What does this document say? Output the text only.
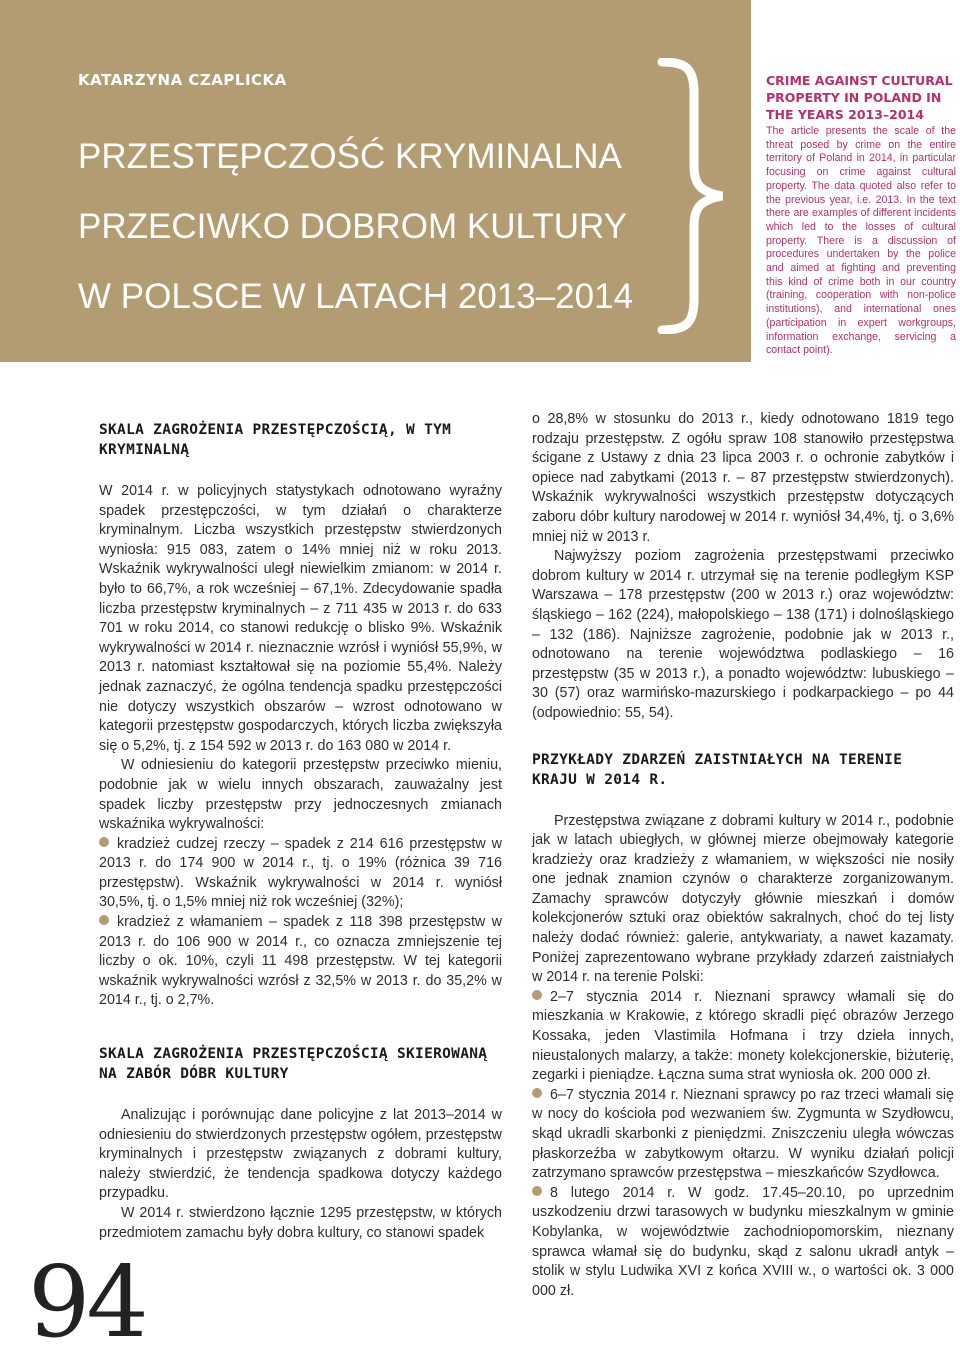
KATARZYNA CZAPLICKA
PRZESTĘPCZOŚĆ KRYMINALNA
PRZECIWKO DOBROM KULTURY
W POLSCE W LATACH 2013–2014
CRIME AGAINST CULTURAL PROPERTY IN POLAND IN THE YEARS 2013–2014

The article presents the scale of the threat posed by crime on the entire territory of Poland in 2014, in particular focusing on crime against cultural property. The data quoted also refer to the previous year, i.e. 2013. In the text there are examples of different incidents which led to the losses of cultural property. There is a discussion of procedures undertaken by the police and aimed at fighting and preventing this kind of crime both in our country (training, cooperation with non-police institutions), and international ones (participation in expert workgroups, information exchange, servicing a contact point).

SKALA ZAGROŻENIA PRZESTĘPCZOŚCIĄ, W TYM KRYMINALNĄ

W 2014 r. w policyjnych statystykach odnotowano wyraźny spadek przestępczości, w tym działań o charakterze kryminalnym. Liczba wszystkich przestępstw stwierdzonych wyniosła: 915 083, zatem o 14% mniej niż w roku 2013. Wskaźnik wykrywalności uległ niewielkim zmianom: w 2014 r. było to 66,7%, a rok wcześniej – 67,1%. Zdecydowanie spadła liczba przestępstw kryminalnych – z 711 435 w 2013 r. do 633 701 w roku 2014, co stanowi redukcję o blisko 9%. Wskaźnik wykrywalności w 2014 r. nieznacznie wzrósł i wyniósł 55,9%, w 2013 r. natomiast kształtował się na poziomie 55,4%. Należy jednak zaznaczyć, że ogólna tendencja spadku przestępczości nie dotyczy wszystkich obszarów – wzrost odnotowano w kategorii przestępstw gospodarczych, których liczba zwiększyła się o 5,2%, tj. z 154 592 w 2013 r. do 163 080 w 2014 r.

W odniesieniu do kategorii przestępstw przeciwko mieniu, podobnie jak w wielu innych obszarach, zauważalny jest spadek liczby przestępstw przy jednoczesnych zmianach wskaźnika wykrywalności:

kradzież cudzej rzeczy – spadek z 214 616 przestępstw w 2013 r. do 174 900 w 2014 r., tj. o 19% (różnica 39 716 przestępstw). Wskaźnik wykrywalności w 2014 r. wyniósł 30,5%, tj. o 1,5% mniej niż rok wcześniej (32%);

kradzież z włamaniem – spadek z 118 398 przestępstw w 2013 r. do 106 900 w 2014 r., co oznacza zmniejszenie tej liczby o ok. 10%, czyli 11 498 przestępstw. W tej kategorii wskaźnik wykrywalności wzrósł z 32,5% w 2013 r. do 35,2% w 2014 r., tj. o 2,7%.

SKALA ZAGROŻENIA PRZESTĘPCZOŚCIĄ SKIEROWANĄ NA ZABÓR DÓBR KULTURY

Analizując i porównując dane policyjne z lat 2013–2014 w odniesieniu do stwierdzonych przestępstw ogółem, przestępstw kryminalnych i przestępstw związanych z dobrami kultury, należy stwierdzić, że tendencja spadkowa dotyczy każdego przypadku.

W 2014 r. stwierdzono łącznie 1295 przestępstw, w których przedmiotem zamachu były dobra kultury, co stanowi spadek

o 28,8% w stosunku do 2013 r., kiedy odnotowano 1819 tego rodzaju przestępstw. Z ogółu spraw 108 stanowiło przestępstwa ścigane z Ustawy z dnia 23 lipca 2003 r. o ochronie zabytków i opiece nad zabytkami (2013 r. – 87 przestępstw stwierdzonych). Wskaźnik wykrywalności wszystkich przestępstw dotyczących zaboru dóbr kultury narodowej w 2014 r. wyniósł 34,4%, tj. o 3,6% mniej niż w 2013 r.

Najwyższy poziom zagrożenia przestępstwami przeciwko dobrom kultury w 2014 r. utrzymał się na terenie podległym KSP Warszawa – 178 przestępstw (200 w 2013 r.) oraz województw: śląskiego – 162 (224), małopolskiego – 138 (171) i dolnośląskiego – 132 (186). Najniższe zagrożenie, podobnie jak w 2013 r., odnotowano na terenie województwa podlaskiego – 16 przestępstw (35 w 2013 r.), a ponadto województw: lubuskiego – 30 (57) oraz warmińsko-mazurskiego i podkarpackiego – po 44 (odpowiednio: 55, 54).

PRZYKŁADY ZDARZEŃ ZAISTNIAŁYCH NA TERENIE KRAJU W 2014 R.

Przestępstwa związane z dobrami kultury w 2014 r., podobnie jak w latach ubiegłych, w głównej mierze obejmowały kategorie kradzieży oraz kradzieży z włamaniem, w większości nie nosiły one jednak znamion czynów o charakterze zorganizowanym. Zamachy sprawców dotyczyły głównie mieszkań i domów kolekcjonerów sztuki oraz obiektów sakralnych, choć do tej listy należy dodać również: galerie, antykwariaty, a nawet kazamaty. Poniżej zaprezentowano wybrane przykłady zdarzeń zaistniałych w 2014 r. na terenie Polski:

2–7 stycznia 2014 r. Nieznani sprawcy włamali się do mieszkania w Krakowie, z którego skradli pięć obrazów Jerzego Kossaka, jeden Vlastimila Hofmana i trzy dzieła innych, nieustalonych malarzy, a także: monety kolekcjonerskie, biżuterię, zegarki i pieniądze. Łączna suma strat wyniosła ok. 200 000 zł.

6–7 stycznia 2014 r. Nieznani sprawcy po raz trzeci włamali się w nocy do kościoła pod wezwaniem św. Zygmunta w Szydłowcu, skąd ukradli skarbonki z pieniędzmi. Zniszczeniu uległa wówczas płaskorzeźba w zabytkowym ołtarzu. W wyniku działań policji zatrzymano sprawców przestępstwa – mieszkańców Szydłowca.

8 lutego 2014 r. W godz. 17.45–20.10, po uprzednim uszkodzeniu drzwi tarasowych w budynku mieszkalnym w gminie Kobylanka, w województwie zachodniopomorskim, nieznany sprawca włamał się do budynku, skąd z salonu ukradł antyk – stolik w stylu Ludwika XVI z końca XVIII w., o wartości ok. 3 000 000 zł.

94
